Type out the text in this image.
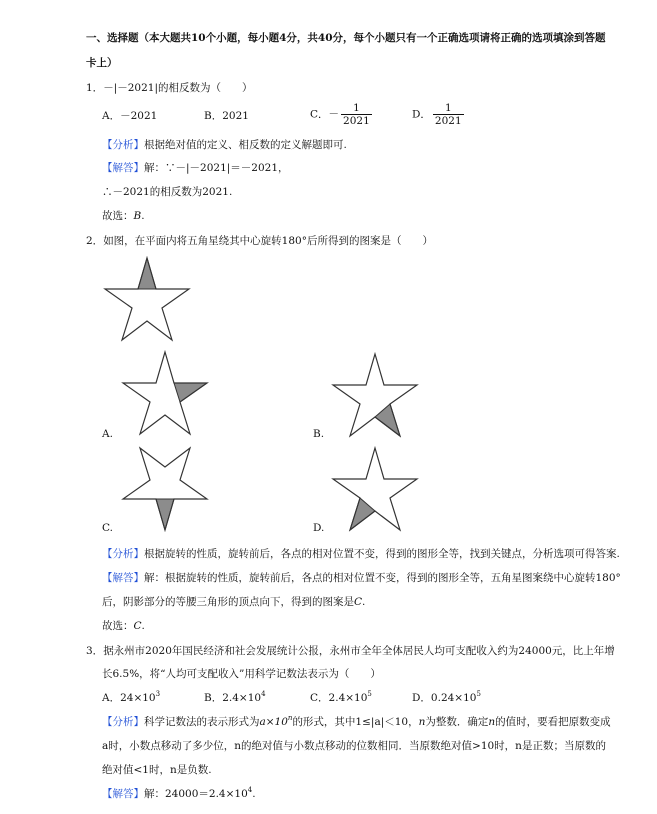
一、选择题（本大题共10个小题，每小题4分，共40分，每个小题只有一个正确选项请将正确的选项填涂到答题
卡上）
1．－|－2021|的相反数为（　　）
A．－2021	B．2021	C．－ $\frac{1}{2021}$	D． $\frac{1}{2021}$
【分析】根据绝对值的定义、相反数的定义解题即可.
【解答】解：∵－|－2021|＝－2021，
∴－2021的相反数为2021.
故选：B.
2．如图，在平面内将五角星绕其中心旋转180°后所得到的图案是（　　）
A.	B.
C.	D.
【分析】根据旋转的性质，旋转前后，各点的相对位置不变，得到的图形全等，找到关键点，分析选项可得答案.
【解答】解：根据旋转的性质，旋转前后，各点的相对位置不变，得到的图形全等，五角星图案绕中心旋转180°
后，阴影部分的等腰三角形的顶点向下，得到的图案是C.
故选：C.
3．据永州市2020年国民经济和社会发展统计公报，永州市全年全体居民人均可支配收入约为24000元，比上年增
长6.5%，将“人均可支配收入”用科学记数法表示为（　　）
A．$24\times 10^3$	B．$2.4\times 10^4$	C．$2.4\times 10^5$	D．$0.24\times 10^5$
【分析】科学记数法的表示形式为$a\times 10^n$的形式，其中1≤|a|＜10，n为整数．确定n的值时，要看把原数变成
a时，小数点移动了多少位，n的绝对值与小数点移动的位数相同．当原数绝对值>10时，n是正数；当原数的
绝对值<1时，n是负数.
【解答】解：$24000=2.4\times 10^4$.
